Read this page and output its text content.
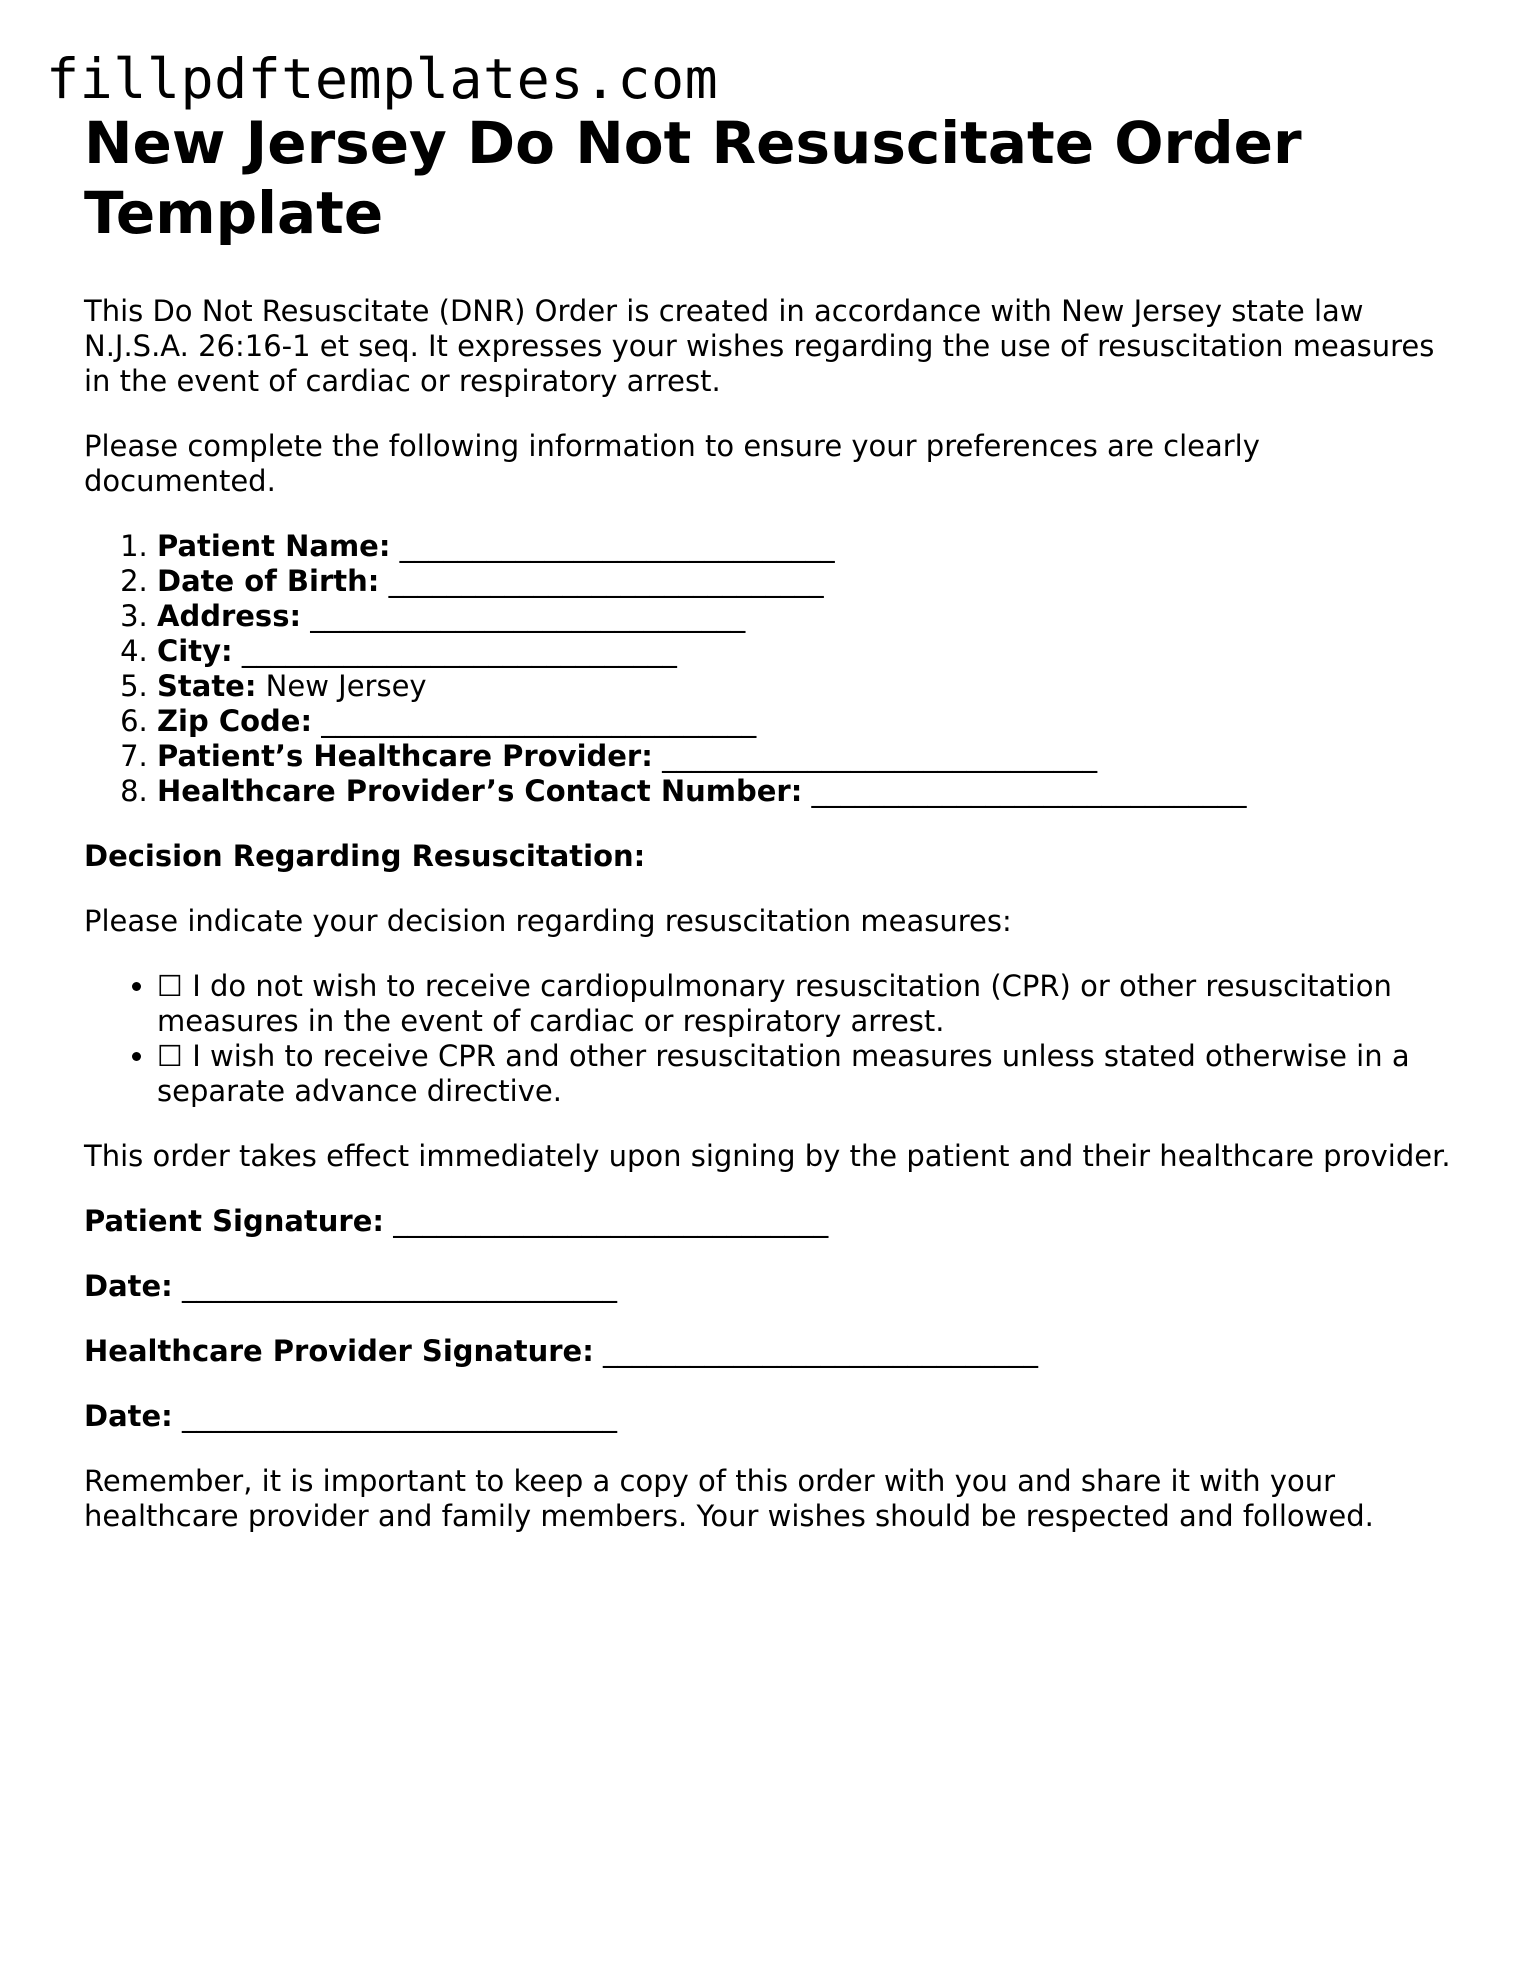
fillpdftemplates.com
New Jersey Do Not Resuscitate Order Template

This Do Not Resuscitate (DNR) Order is created in accordance with New Jersey state law N.J.S.A. 26:16-1 et seq. It expresses your wishes regarding the use of resuscitation measures in the event of cardiac or respiratory arrest.

Please complete the following information to ensure your preferences are clearly documented.

1. Patient Name: ______________________________
2. Date of Birth: ______________________________
3. Address: ______________________________
4. City: ______________________________
5. State: New Jersey
6. Zip Code: ______________________________
7. Patient’s Healthcare Provider: ______________________________
8. Healthcare Provider’s Contact Number: ______________________________

Decision Regarding Resuscitation:

Please indicate your decision regarding resuscitation measures:

• ☐ I do not wish to receive cardiopulmonary resuscitation (CPR) or other resuscitation measures in the event of cardiac or respiratory arrest.
• ☐ I wish to receive CPR and other resuscitation measures unless stated otherwise in a separate advance directive.

This order takes effect immediately upon signing by the patient and their healthcare provider.

Patient Signature: ______________________________

Date: ______________________________

Healthcare Provider Signature: ______________________________

Date: ______________________________

Remember, it is important to keep a copy of this order with you and share it with your healthcare provider and family members. Your wishes should be respected and followed.
